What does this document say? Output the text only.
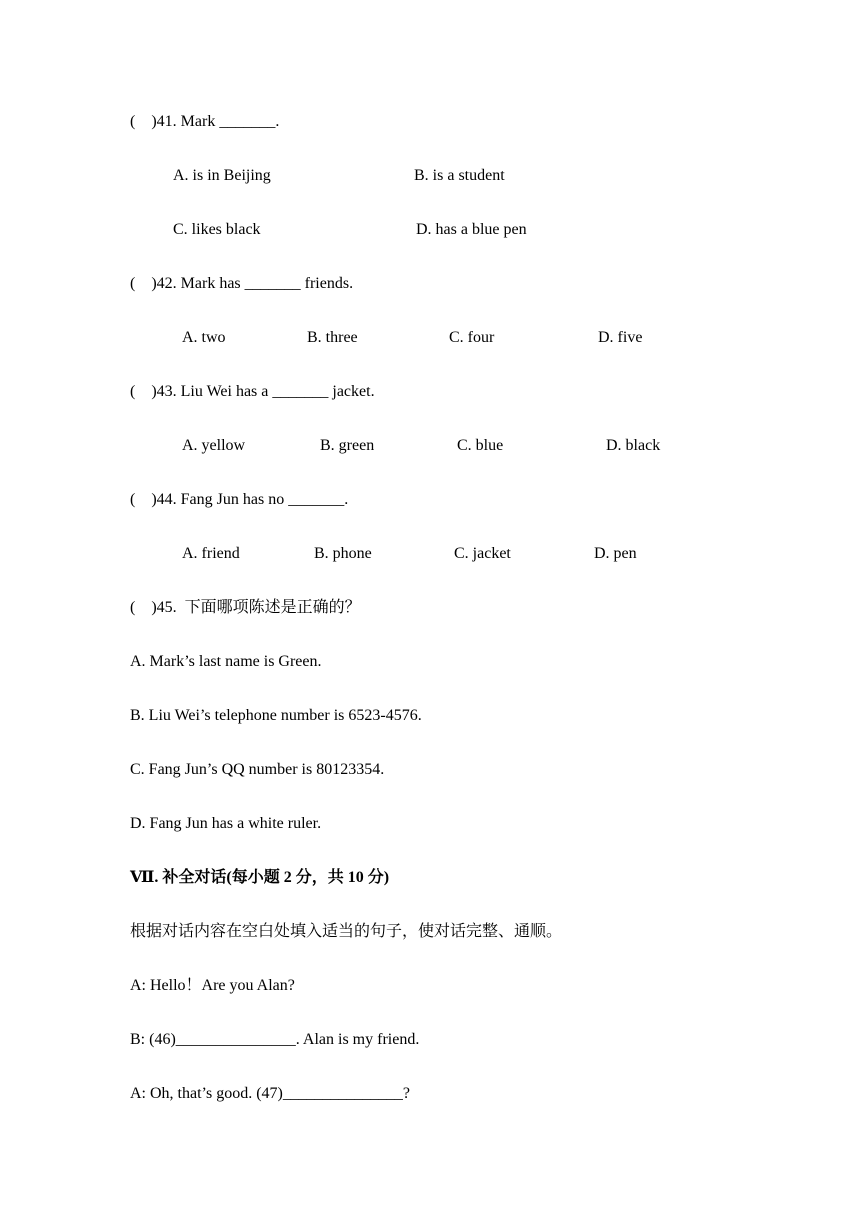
(    )41. Mark _______.
A. is in Beijing	B. is a student
C. likes black	D. has a blue pen
(    )42. Mark has _______ friends.
A. two	B. three	C. four	D. five
(    )43. Liu Wei has a _______ jacket.
A. yellow	B. green	C. blue	D. black
(    )44. Fang Jun has no _______.
A. friend	B. phone	C. jacket	D. pen
(    )45.  下面哪项陈述是正确的？
A. Mark’s last name is Green.
B. Liu Wei’s telephone number is 6523-4576.
C. Fang Jun’s QQ number is 80123354.
D. Fang Jun has a white ruler.
Ⅶ. 补全对话(每小题 2 分，共 10 分)
根据对话内容在空白处填入适当的句子，使对话完整、通顺。
A: Hello！Are you Alan?
B: (46)_______________. Alan is my friend.
A: Oh, that’s good. (47)_______________?
